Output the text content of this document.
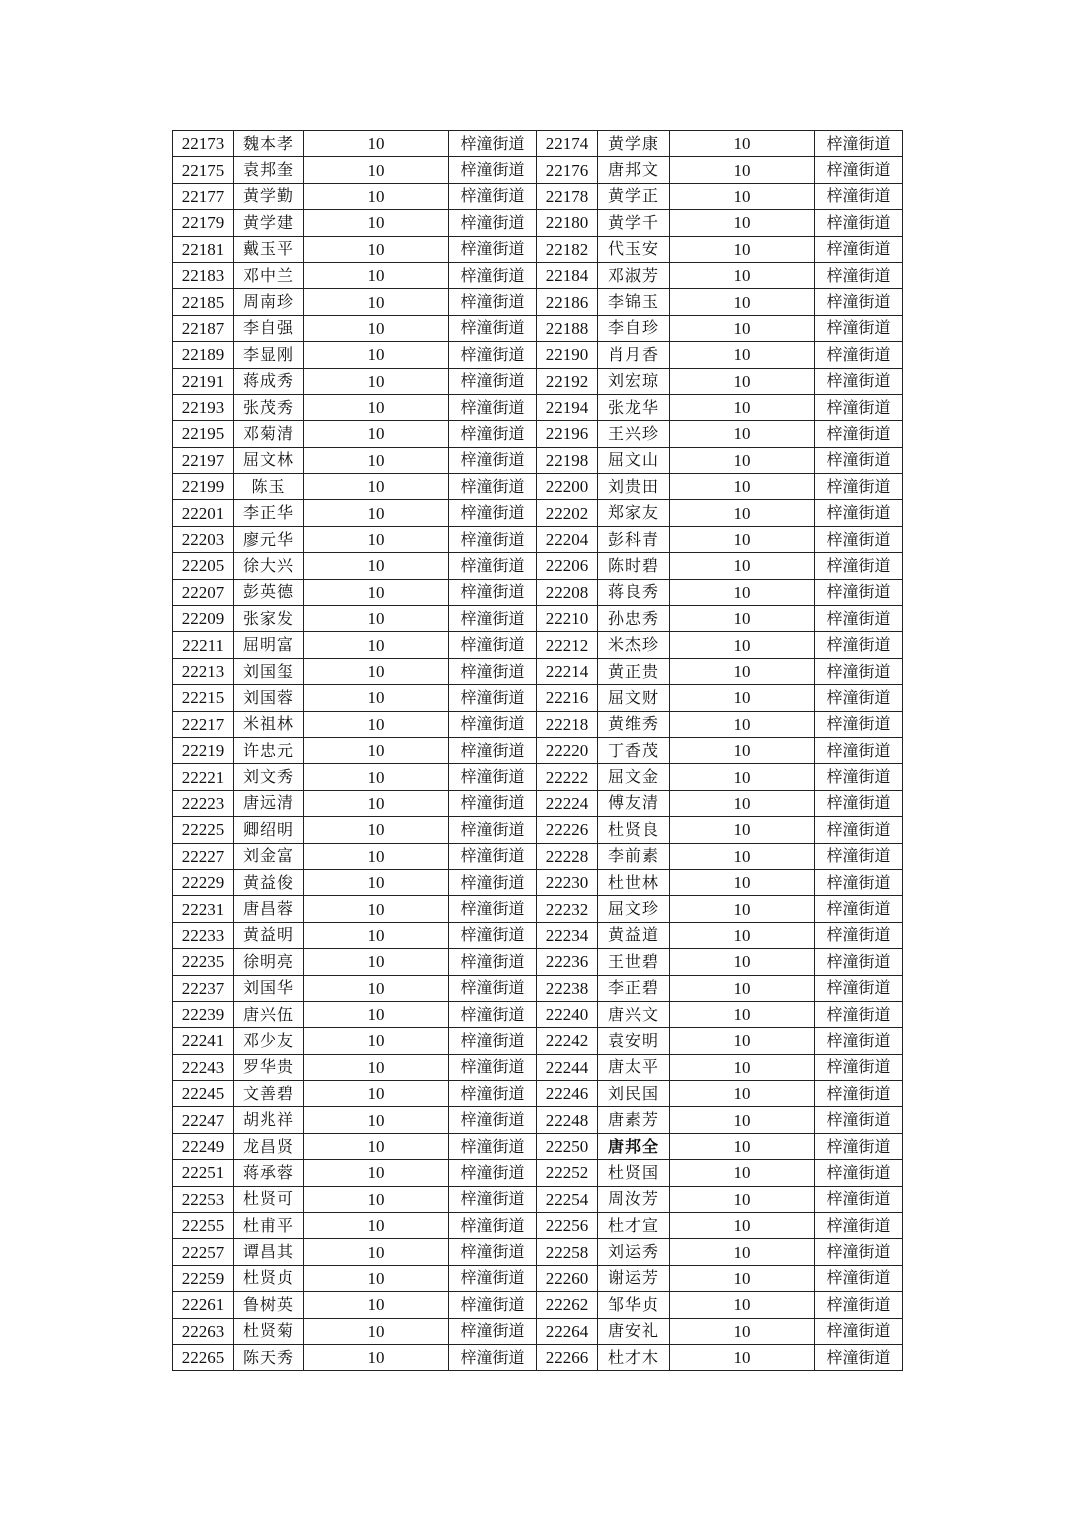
22173	魏本孝	10	梓潼街道	22174	黄学康	10	梓潼街道
22175	袁邦奎	10	梓潼街道	22176	唐邦文	10	梓潼街道
22177	黄学勤	10	梓潼街道	22178	黄学正	10	梓潼街道
22179	黄学建	10	梓潼街道	22180	黄学千	10	梓潼街道
22181	戴玉平	10	梓潼街道	22182	代玉安	10	梓潼街道
22183	邓中兰	10	梓潼街道	22184	邓淑芳	10	梓潼街道
22185	周南珍	10	梓潼街道	22186	李锦玉	10	梓潼街道
22187	李自强	10	梓潼街道	22188	李自珍	10	梓潼街道
22189	李显刚	10	梓潼街道	22190	肖月香	10	梓潼街道
22191	蒋成秀	10	梓潼街道	22192	刘宏琼	10	梓潼街道
22193	张茂秀	10	梓潼街道	22194	张龙华	10	梓潼街道
22195	邓菊清	10	梓潼街道	22196	王兴珍	10	梓潼街道
22197	屈文林	10	梓潼街道	22198	屈文山	10	梓潼街道
22199	陈玉	10	梓潼街道	22200	刘贵田	10	梓潼街道
22201	李正华	10	梓潼街道	22202	郑家友	10	梓潼街道
22203	廖元华	10	梓潼街道	22204	彭科青	10	梓潼街道
22205	徐大兴	10	梓潼街道	22206	陈时碧	10	梓潼街道
22207	彭英德	10	梓潼街道	22208	蒋良秀	10	梓潼街道
22209	张家发	10	梓潼街道	22210	孙忠秀	10	梓潼街道
22211	屈明富	10	梓潼街道	22212	米杰珍	10	梓潼街道
22213	刘国玺	10	梓潼街道	22214	黄正贵	10	梓潼街道
22215	刘国蓉	10	梓潼街道	22216	屈文财	10	梓潼街道
22217	米祖林	10	梓潼街道	22218	黄维秀	10	梓潼街道
22219	许忠元	10	梓潼街道	22220	丁香茂	10	梓潼街道
22221	刘文秀	10	梓潼街道	22222	屈文金	10	梓潼街道
22223	唐远清	10	梓潼街道	22224	傅友清	10	梓潼街道
22225	卿绍明	10	梓潼街道	22226	杜贤良	10	梓潼街道
22227	刘金富	10	梓潼街道	22228	李前素	10	梓潼街道
22229	黄益俊	10	梓潼街道	22230	杜世林	10	梓潼街道
22231	唐昌蓉	10	梓潼街道	22232	屈文珍	10	梓潼街道
22233	黄益明	10	梓潼街道	22234	黄益道	10	梓潼街道
22235	徐明亮	10	梓潼街道	22236	王世碧	10	梓潼街道
22237	刘国华	10	梓潼街道	22238	李正碧	10	梓潼街道
22239	唐兴伍	10	梓潼街道	22240	唐兴文	10	梓潼街道
22241	邓少友	10	梓潼街道	22242	袁安明	10	梓潼街道
22243	罗华贵	10	梓潼街道	22244	唐太平	10	梓潼街道
22245	文善碧	10	梓潼街道	22246	刘民国	10	梓潼街道
22247	胡兆祥	10	梓潼街道	22248	唐素芳	10	梓潼街道
22249	龙昌贤	10	梓潼街道	22250	唐邦全	10	梓潼街道
22251	蒋承蓉	10	梓潼街道	22252	杜贤国	10	梓潼街道
22253	杜贤可	10	梓潼街道	22254	周汝芳	10	梓潼街道
22255	杜甫平	10	梓潼街道	22256	杜才宣	10	梓潼街道
22257	谭昌其	10	梓潼街道	22258	刘运秀	10	梓潼街道
22259	杜贤贞	10	梓潼街道	22260	谢运芳	10	梓潼街道
22261	鲁树英	10	梓潼街道	22262	邹华贞	10	梓潼街道
22263	杜贤菊	10	梓潼街道	22264	唐安礼	10	梓潼街道
22265	陈天秀	10	梓潼街道	22266	杜才木	10	梓潼街道
